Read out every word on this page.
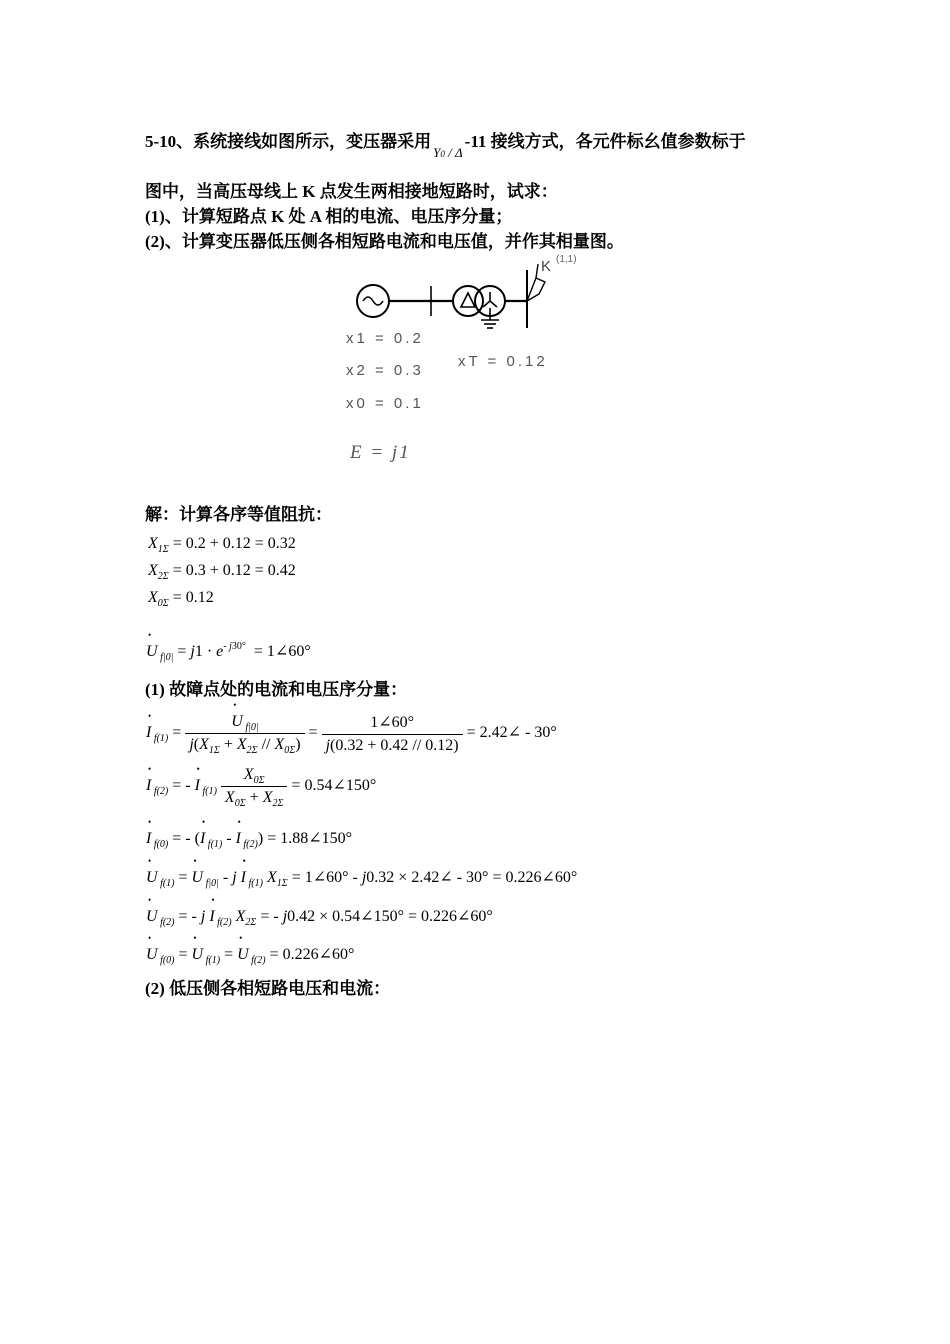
5-10、系统接线如图所示，变压器采用$_{Y0 / \Delta}$-11 接线方式，各元件标幺值参数标于
图中，当高压母线上 K 点发生两相接地短路时，试求：
(1)、计算短路点 K 处 A 相的电流、电压序分量；
(2)、计算变压器低压侧各相短路电流和电压值，并作其相量图。
K (1,1)
x1 = 0.2
x2 = 0.3
x0 = 0.1
xT = 0.12
E = j1
解：计算各序等值阻抗：
$X_{1\Sigma} = 0.2 + 0.12 = 0.32$
$X_{2\Sigma} = 0.3 + 0.12 = 0.42$
$X_{0\Sigma} = 0.12$
• U $_{f|0|} = j1 \cdot e^{- j30^\circ}$  = 1∠60°
(1) 故障点处的电流和电压序分量：
• I $_{f(1)}$ = • $\frac{U _{f|0|}}{j(X_{1\Sigma} + X_{2\Sigma} // X_{0\Sigma})} = \frac{1\angle 60^\circ}{j(0.32 + 0.42 // 0.12)}$ = 2.42∠ - 30°
• I $_{f(2)}$ = - • I $_{f(1)} \frac{X_{0\Sigma}}{X_{0\Sigma} + X_{2\Sigma}}$ = 0.54∠150°
• I $_{f(0)}$ = - (• I $_{f(1)}$ - • I $_{f(2)}$) = 1.88∠150°
• U $_{f(1)}$ = • U $_{f|0|}$ - j • I $_{f(1)}$ $X_{1\Sigma}$ = 1∠60° - j0.32 × 2.42∠ - 30° = 0.226∠60°
• U $_{f(2)}$ = - j • I $_{f(2)}$ $X_{2\Sigma}$ = - j0.42 × 0.54∠150° = 0.226∠60°
• U $_{f(0)}$ = • U $_{f(1)}$ = • U $_{f(2)}$ = 0.226∠60°
(2) 低压侧各相短路电压和电流：
